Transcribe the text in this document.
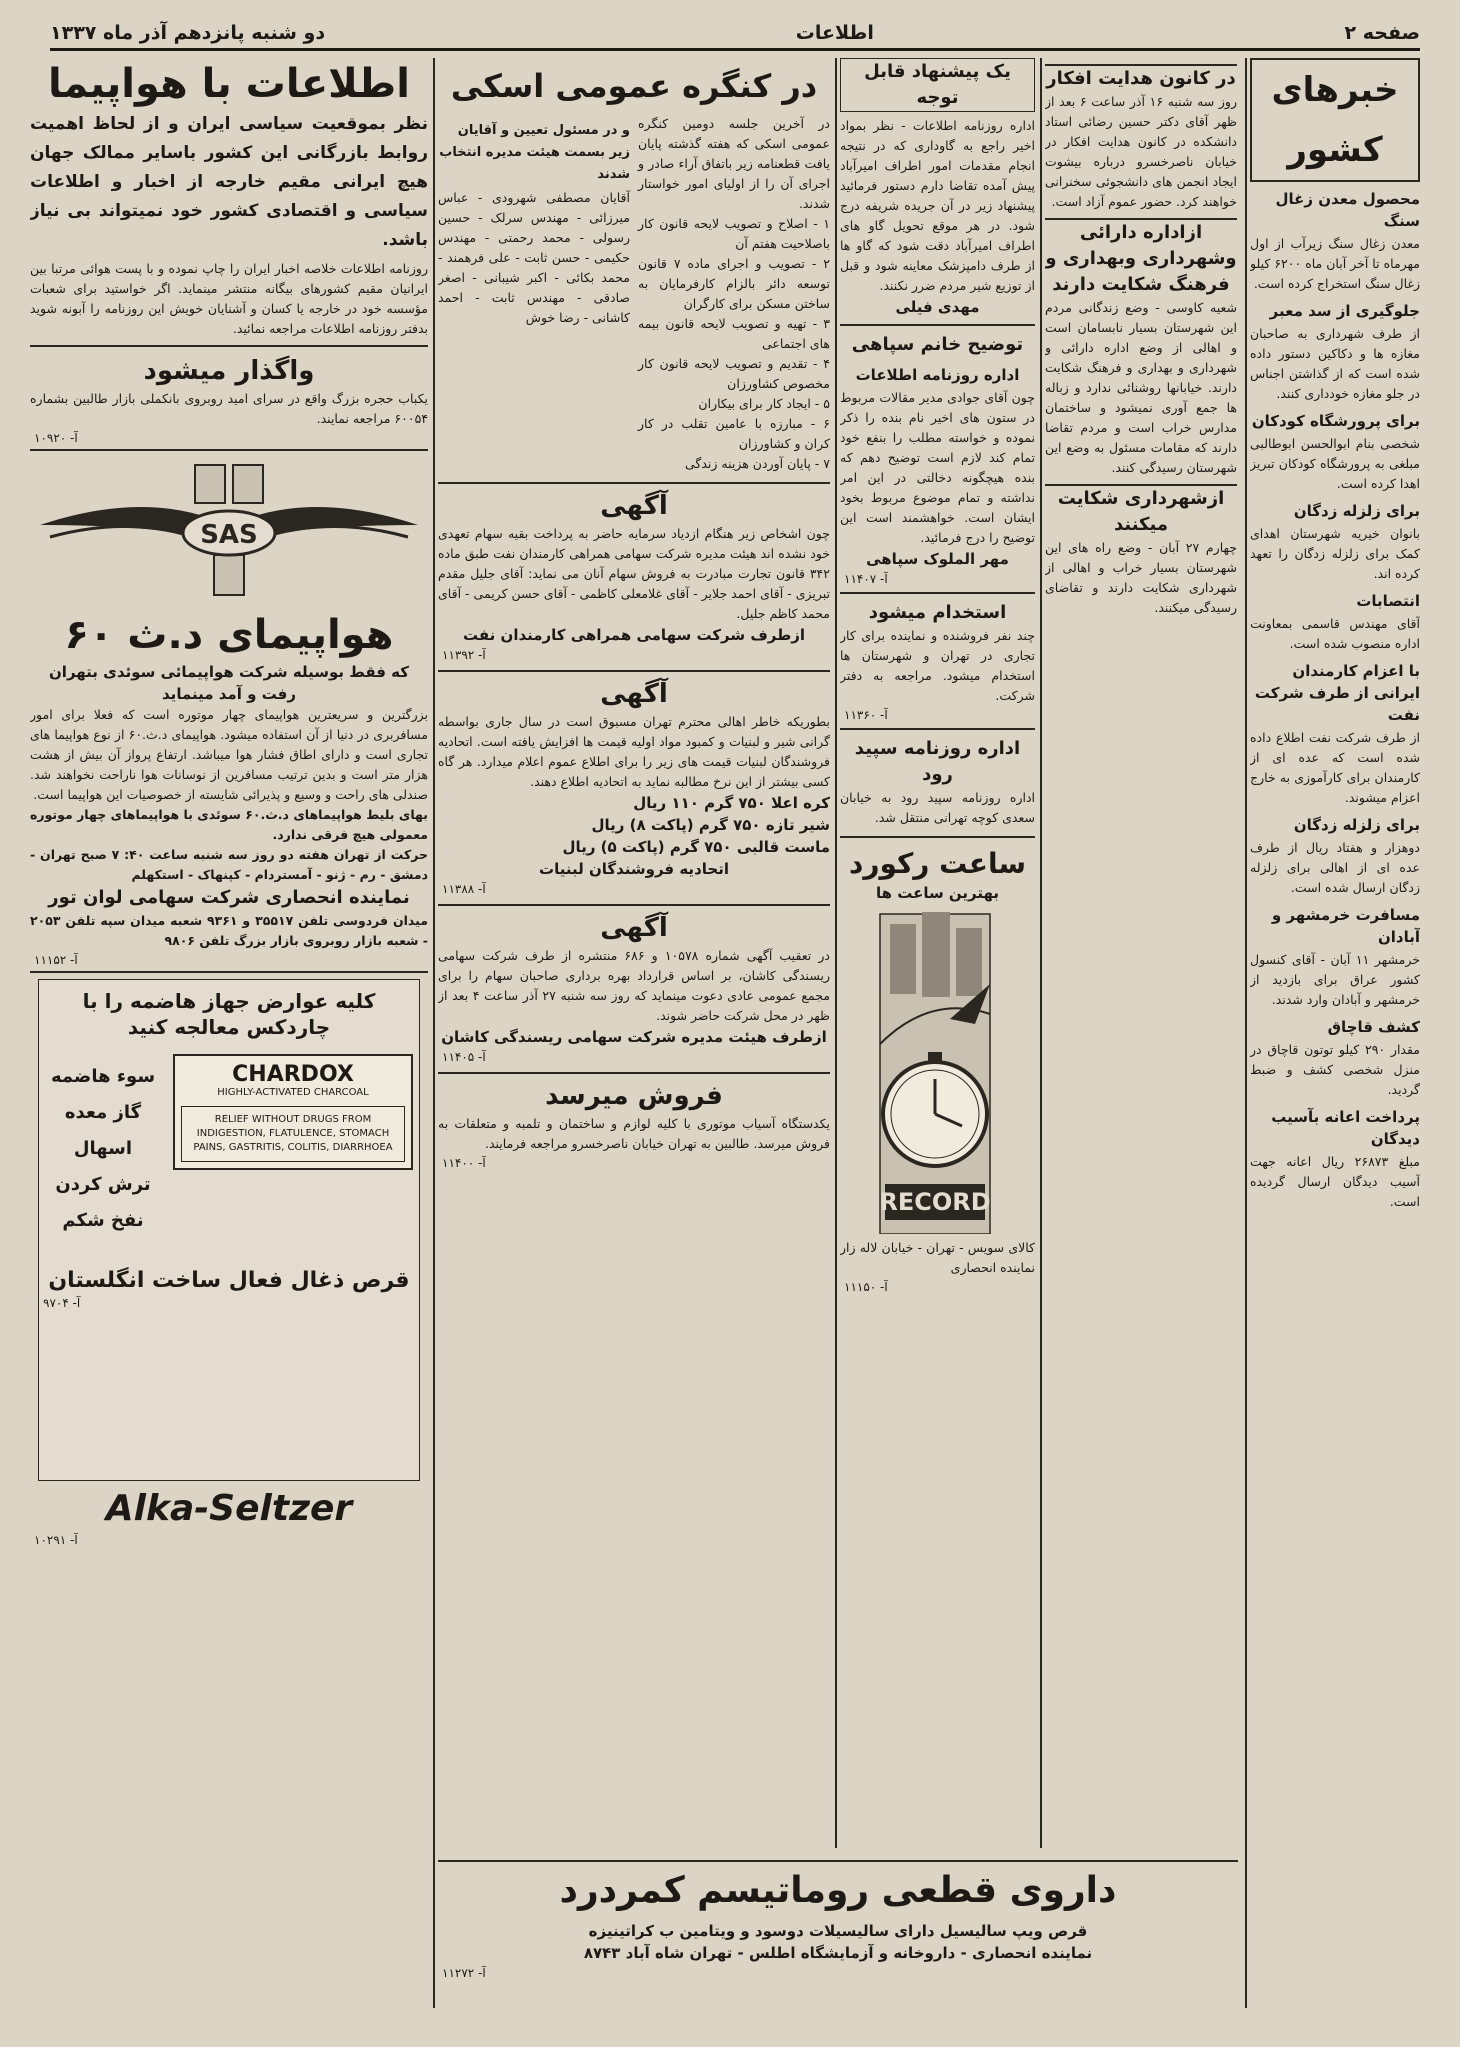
صفحه ۲
اطلاعات
دو شنبه پانزدهم آذر ماه ۱۳۳۷
خبرهای کشور
محصول معدن زغال سنگ

معدن زغال سنگ زیرآب از اول مهرماه تا آخر آبان ماه ۶۲۰۰ کیلو زغال سنگ استخراج کرده است.

جلوگیری از سد معبر

از طرف شهرداری به صاحبان مغازه ها و دکاکین دستور داده شده است که از گذاشتن اجناس در جلو مغازه خودداری کنند.

برای پرورشگاه کودکان

شخصی بنام ابوالحسن ابوطالبی مبلغی به پرورشگاه کودکان تبریز اهدا کرده است.

برای زلزله زدگان

بانوان خیریه شهرستان اهدای کمک برای زلزله زدگان را تعهد کرده اند.

انتصابات

آقای مهندس قاسمی بمعاونت اداره منصوب شده است.

با اعزام کارمندان ایرانی از طرف شرکت نفت

از طرف شرکت نفت اطلاع داده شده است که عده ای از کارمندان برای کارآموزی به خارج اعزام میشوند.

برای زلزله زدگان

دوهزار و هفتاد ریال از طرف عده ای از اهالی برای زلزله زدگان ارسال شده است.

مسافرت خرمشهر و آبادان

خرمشهر ۱۱ آبان - آقای کنسول کشور عراق برای بازدید از خرمشهر و آبادان وارد شدند.

کشف قاچاق

مقدار ۲۹۰ کیلو توتون قاچاق در منزل شخصی کشف و ضبط گردید.

پرداخت اعانه بآسیب دیدگان

مبلغ ۲۶۸۷۳ ریال اعانه جهت آسیب دیدگان ارسال گردیده است.

در کانون هدایت افکار

روز سه شنبه ۱۶ آذر ساعت ۶ بعد از ظهر آقای دکتر حسین رضائی استاد دانشکده در کانون هدایت افکار در خیابان ناصرخسرو درباره بیشوت ایجاد انجمن های دانشجوئی سخنرانی خواهند کرد. حضور عموم آزاد است.

ازاداره دارائی وشهرداری وبهداری و فرهنگ شکایت دارند

شعیه کاوسی - وضع زندگانی مردم این شهرستان بسیار نابسامان است و اهالی از وضع اداره دارائی و شهرداری و بهداری و فرهنگ شکایت دارند. خیابانها روشنائی ندارد و زباله ها جمع آوری نمیشود و ساختمان مدارس خراب است و مردم تقاضا دارند که مقامات مسئول به وضع این شهرستان رسیدگی کنند.

ازشهرداری شکایت میکنند

چهارم ۲۷ آبان - وضع راه های این شهرستان بسیار خراب و اهالی از شهرداری شکایت دارند و تقاضای رسیدگی میکنند.

یک پیشنهاد قابل توجه

اداره روزنامه اطلاعات - نظر بمواد اخیر راجع به گاوداری که در نتیجه انجام مقدمات امور اطراف امیرآباد پیش آمده تقاضا دارم دستور فرمائید پیشنهاد زیر در آن جریده شریفه درج شود. در هر موقع تحویل گاو های اطراف امیرآباد دقت شود که گاو ها از طرف دامپزشک معاینه شود و قبل از توزیع شیر مردم ضرر نکنند.

مهدی فیلی
توضیح خانم سپاهی
اداره روزنامه اطلاعات

چون آقای جوادی مدیر مقالات مربوط در ستون های اخیر نام بنده را ذکر نموده و خواسته مطلب را بنفع خود تمام کند لازم است توضیح دهم که بنده هیچگونه دخالتی در این امر نداشته و تمام موضوع مربوط بخود ایشان است. خواهشمند است این توضیح را درج فرمائید.

مهر الملوک سپاهی
آ- ۱۱۴۰۷
استخدام میشود

چند نفر فروشنده و نماینده برای کار تجاری در تهران و شهرستان ها استخدام میشود. مراجعه به دفتر شرکت.

آ- ۱۱۳۶۰
اداره روزنامه سپید رود

اداره روزنامه سپید رود به خیابان سعدی کوچه تهرانی منتقل شد.

ساعت رکورد
بهترین ساعت ها
RECORD

کالای سویس - تهران - خیابان لاله زار نماینده انحصاری

آ- ۱۱۱۵۰
در کنگره عمومی اسکی

در آخرین جلسه دومین کنگره عمومی اسکی که هفته گذشته پایان یافت قطعنامه زیر باتفاق آراء صادر و اجرای آن را از اولیای امور خواستار شدند.

۱ - اصلاح و تصویب لایحه قانون کار باصلاحیت هفتم آن

۲ - تصویب و اجرای ماده ۷ قانون توسعه دائر بالزام کارفرمایان به ساختن مسکن برای کارگران

۳ - تهیه و تصویب لایحه قانون بیمه های اجتماعی

۴ - تقدیم و تصویب لایحه قانون کار مخصوص کشاورزان

۵ - ایجاد کار برای بیکاران

۶ - مبارزه با عامین تقلب در کار کران و کشاورزان

۷ - پایان آوردن هزینه زندگی

و در مسئول تعیین و آقایان زیر بسمت هیئت مدیره انتخاب شدند

آقایان مصطفی شهرودی - عباس میرزائی - مهندس سرلک - حسین رسولی - محمد رحمتی - مهندس حکیمی - حسن ثابت - علی فرهمند - محمد بکائی - اکبر شیبانی - اصغر صادقی - مهندس ثابت - احمد کاشانی - رضا خوش

آگهی

چون اشخاص زیر هنگام ازدیاد سرمایه حاضر به پرداخت بقیه سهام تعهدی خود نشده اند هیئت مدیره شرکت سهامی همراهی کارمندان نفت طبق ماده ۳۴۲ قانون تجارت مبادرت به فروش سهام آنان می نماید: آقای جلیل مقدم تبریزی - آقای احمد جلایر - آقای غلامعلی کاظمی - آقای حسن کریمی - آقای محمد کاظم جلیل.

ازطرف شرکت سهامی همراهی کارمندان نفت
آ- ۱۱۳۹۲
آگهی

بطوریکه خاطر اهالی محترم تهران مسبوق است در سال جاری بواسطه گرانی شیر و لبنیات و کمبود مواد اولیه قیمت ها افزایش یافته است. اتحادیه فروشندگان لبنیات قیمت های زیر را برای اطلاع عموم اعلام میدارد. هر گاه کسی بیشتر از این نرخ مطالبه نماید به اتحادیه اطلاع دهند.

کره اعلا ۷۵۰ گرم ۱۱۰ ریال
شیر تازه ۷۵۰ گرم (پاکت ۸) ریال
ماست قالبی ۷۵۰ گرم (پاکت ۵) ریال
اتحادیه فروشندگان لبنیات
آ- ۱۱۳۸۸
آگهی

در تعقیب آگهی شماره ۱۰۵۷۸ و ۶۸۶ منتشره از طرف شرکت سهامی ریسندگی کاشان، بر اساس قرارداد بهره برداری صاحبان سهام را برای مجمع عمومی عادی دعوت مینماید که روز سه شنبه ۲۷ آذر ساعت ۴ بعد از ظهر در محل شرکت حاضر شوند.

ازطرف هیئت مدیره شرکت سهامی ریسندگی کاشان
آ- ۱۱۴۰۵
فروش میرسد

یکدستگاه آسیاب موتوری با کلیه لوازم و ساختمان و تلمبه و متعلقات به فروش میرسد. طالبین به تهران خیابان ناصرخسرو مراجعه فرمایند.

آ- ۱۱۴۰۰
اطلاعات با هواپیما

نظر بموقعیت سیاسی ایران و از لحاظ اهمیت روابط بازرگانی این کشور باسایر ممالک جهان هیچ ایرانی مقیم خارجه از اخبار و اطلاعات سیاسی و اقتصادی کشور خود نمیتواند بی نیاز باشد.

روزنامه اطلاعات خلاصه اخبار ایران را چاپ نموده و با پست هوائی مرتبا بین ایرانیان مقیم کشورهای بیگانه منتشر مینماید. اگر خواستید برای شعبات مؤسسه خود در خارجه یا کسان و آشنایان خویش این روزنامه را آبونه شوید بدفتر روزنامه اطلاعات مراجعه نمائید.

واگذار میشود

یکباب حجره بزرگ واقع در سرای امید روبروی بانکملی بازار طالبین بشماره ۶۰۰۵۴ مراجعه نمایند.

آ- ۱۰۹۲۰
SAS
هواپیمای د.ث ۶۰
که فقط بوسیله شرکت هواپیمائی سوئدی بتهران رفت و آمد مینماید

بزرگترین و سریعترین هواپیمای چهار موتوره است که فعلا برای امور مسافربری در دنیا از آن استفاده میشود. هواپیمای د.ث.۶۰ از نوع هواپیما های تجاری است و دارای اطاق فشار هوا میباشد. ارتفاع پرواز آن بیش از هشت هزار متر است و بدین ترتیب مسافرین از نوسانات هوا ناراحت نخواهند شد. صندلی های راحت و وسیع و پذیرائی شایسته از خصوصیات این هواپیما است.

بهای بلیط هواپیماهای د.ث.۶۰ سوئدی با هواپیماهای چهار موتوره معمولی هیچ فرقی ندارد.

حرکت از تهران هفته دو روز سه شنبه ساعت ۴۰: ۷ صبح تهران - دمشق - رم - ژنو - آمستردام - کپنهاک - استکهلم

نماینده انحصاری شرکت سهامی لوان تور

میدان فردوسی تلفن ۳۵۵۱۷ و ۹۳۶۱ شعبه میدان سپه تلفن ۲۰۵۳ - شعبه بازار روبروی بازار بزرگ تلفن ۹۸۰۶

آ- ۱۱۱۵۲
کلیه عوارض جهاز هاضمه را با چاردکس معالجه کنید
CHARDOX
HIGHLY-ACTIVATED CHARCOAL
RELIEF WITHOUT DRUGS FROM INDIGESTION, FLATULENCE, STOMACH PAINS, GASTRITIS, COLITIS, DIARRHOEA
سوء هاضمه
گاز معده
اسهال
ترش کردن
نفخ شکم
قرص ذغال فعال ساخت انگلستان
آ- ۹۷۰۴
Alka-Seltzer
آ- ۱۰۲۹۱
داروی قطعی روماتیسم کمردرد
قرص ویپ سالیسیل دارای سالیسیلات دوسود و ویتامین ب کراتینیزه
نماینده انحصاری - داروخانه و آزمایشگاه اطلس - تهران شاه آباد ۸۷۴۳
آ- ۱۱۲۷۲
